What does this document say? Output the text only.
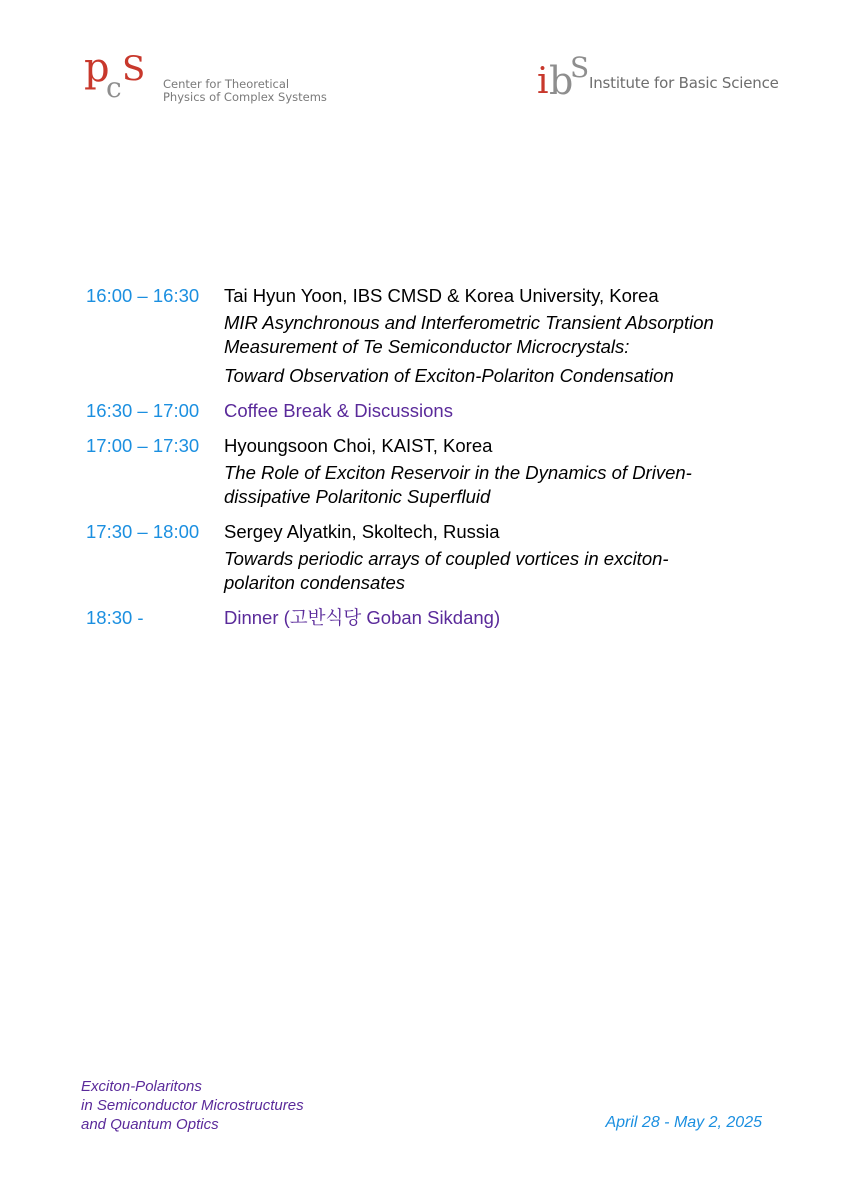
p
c S Center for Theoretical
Physics of Complex Systems	i b
S Institute for Basic Science
16:00 – 16:30	Tai Hyun Yoon, IBS CMSD & Korea University, Korea
MIR Asynchronous and Interferometric Transient Absorption
Measurement of Te Semiconductor Microcrystals:
Toward Observation of Exciton-Polariton Condensation
16:30 – 17:00	Coffee Break & Discussions
17:00 – 17:30	Hyoungsoon Choi, KAIST, Korea
The Role of Exciton Reservoir in the Dynamics of Driven-
dissipative Polaritonic Superfluid
17:30 – 18:00	Sergey Alyatkin, Skoltech, Russia
Towards periodic arrays of coupled vortices in exciton-
polariton condensates
18:30 -	Dinner (고반식당 Goban Sikdang)
Exciton-Polaritons
in Semiconductor Microstructures
and Quantum Optics	April 28 - May 2, 2025
